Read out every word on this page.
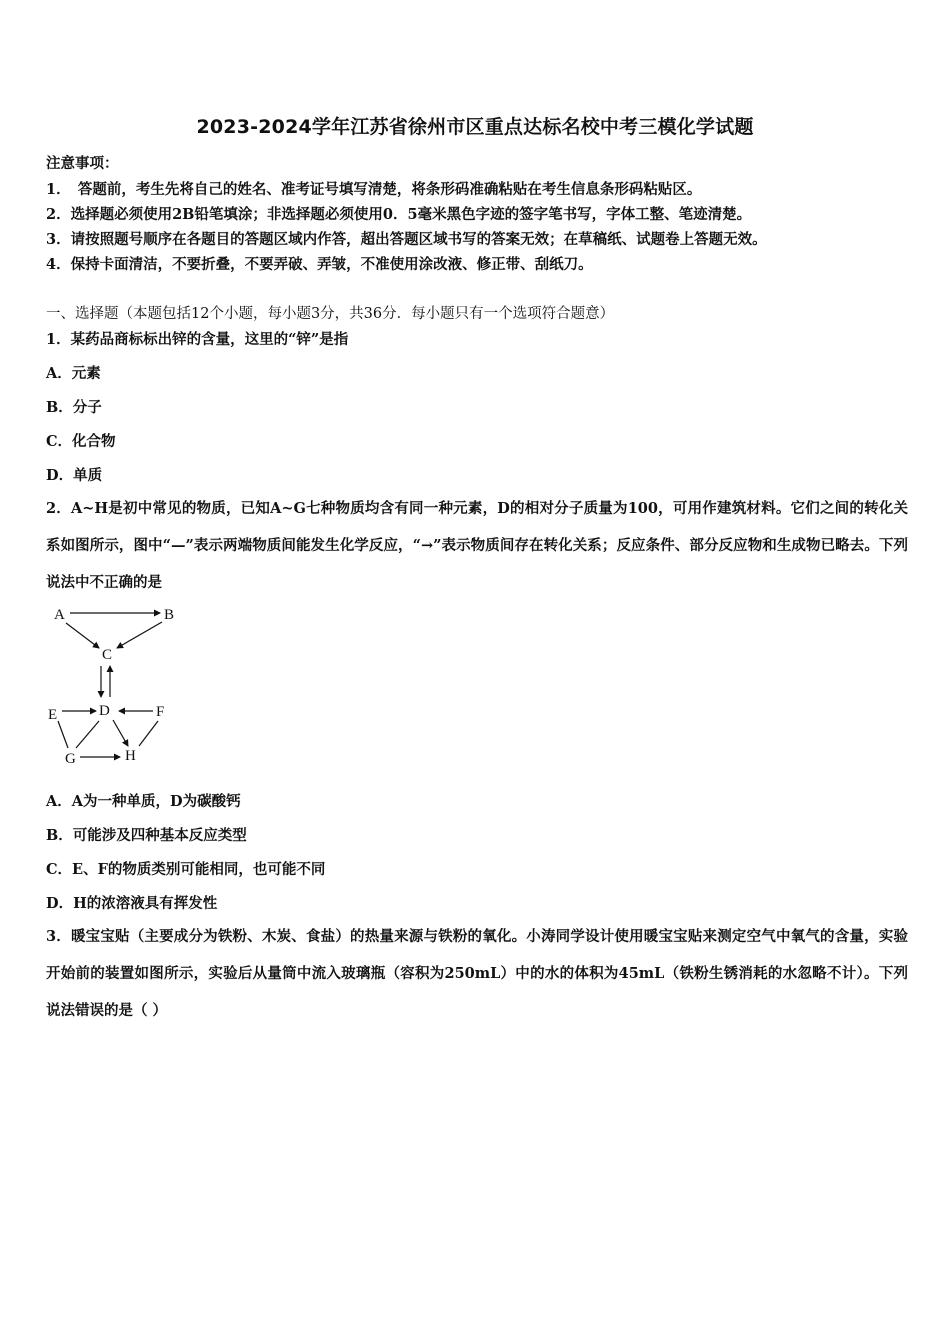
2023-2024学年江苏省徐州市区重点达标名校中考三模化学试题
注意事项：
1．　答题前，考生先将自己的姓名、准考证号填写清楚，将条形码准确粘贴在考生信息条形码粘贴区。
2．选择题必须使用2B铅笔填涂；非选择题必须使用0．5毫米黑色字迹的签字笔书写，字体工整、笔迹清楚。
3．请按照题号顺序在各题目的答题区域内作答，超出答题区域书写的答案无效；在草稿纸、试题卷上答题无效。
4．保持卡面清洁，不要折叠，不要弄破、弄皱，不准使用涂改液、修正带、刮纸刀。
一、选择题（本题包括12个小题，每小题3分，共36分．每小题只有一个选项符合题意）
1．某药品商标标出锌的含量，这里的“锌”是指
A．元素
B．分子
C．化合物
D．单质
2．A~H是初中常见的物质，已知A~G七种物质均含有同一种元素，D的相对分子质量为100，可用作建筑材料。它们之间的转化关系如图所示，图中“—”表示两端物质间能发生化学反应，“→”表示物质间存在转化关系；反应条件、部分反应物和生成物已略去。下列说法中不正确的是
A	B
C
D
E	F
G	H
A．A为一种单质，D为碳酸钙
B．可能涉及四种基本反应类型
C．E、F的物质类别可能相同，也可能不同
D．H的浓溶液具有挥发性
3．暖宝宝贴（主要成分为铁粉、木炭、食盐）的热量来源与铁粉的氧化。小涛同学设计使用暖宝宝贴来测定空气中氧气的含量，实验开始前的装置如图所示，实验后从量筒中流入玻璃瓶（容积为250mL）中的水的体积为45mL（铁粉生锈消耗的水忽略不计）。下列说法错误的是（ ）
